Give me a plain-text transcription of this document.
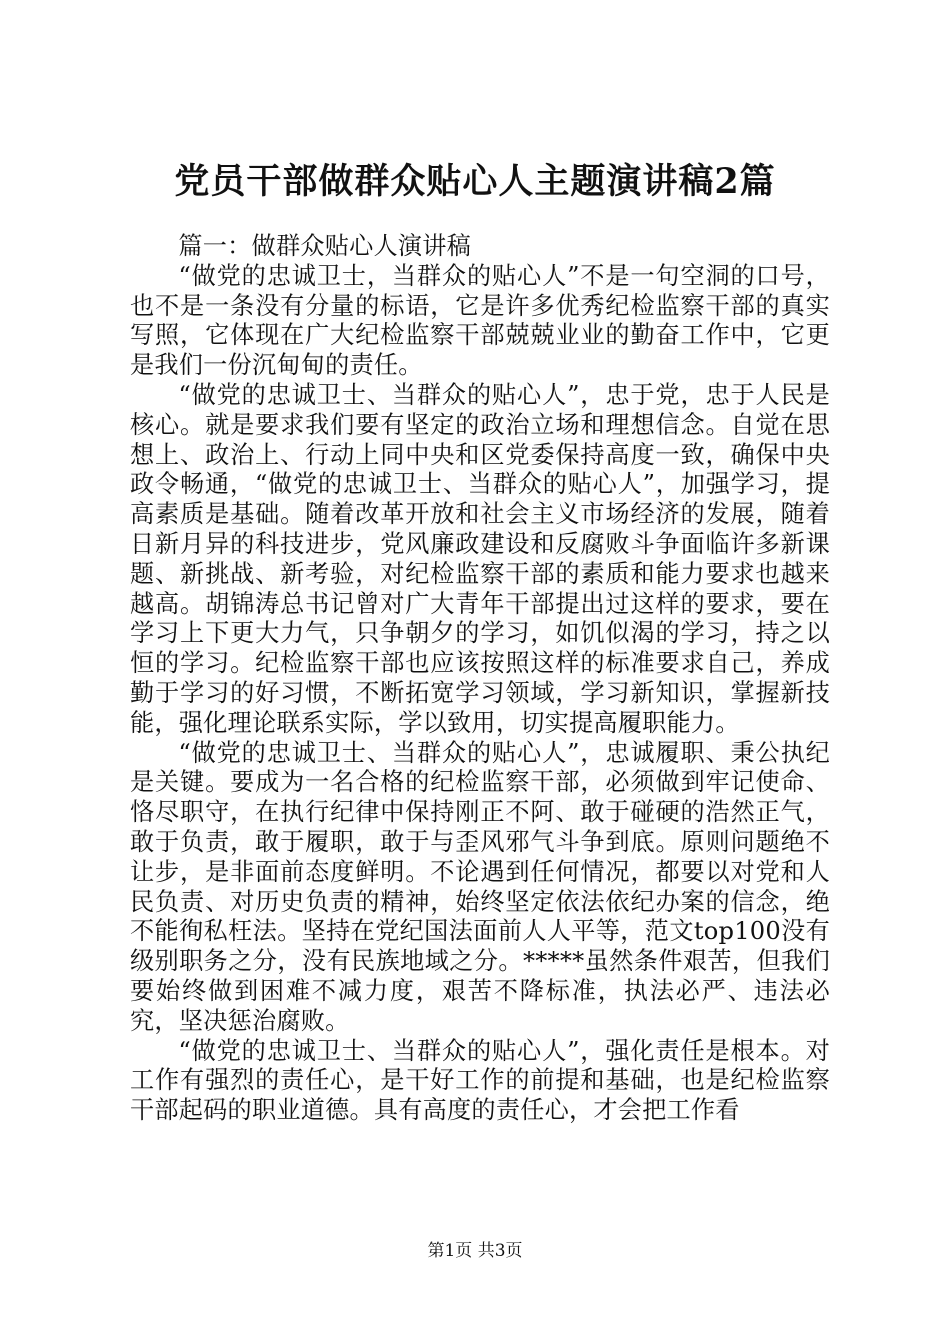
党员干部做群众贴心人主题演讲稿2篇

篇一：做群众贴心人演讲稿

“做党的忠诚卫士，当群众的贴心人”不是一句空洞的口号，也不是一条没有分量的标语，它是许多优秀纪检监察干部的真实写照，它体现在广大纪检监察干部兢兢业业的勤奋工作中，它更是我们一份沉甸甸的责任。

“做党的忠诚卫士、当群众的贴心人”，忠于党，忠于人民是核心。就是要求我们要有坚定的政治立场和理想信念。自觉在思想上、政治上、行动上同中央和区党委保持高度一致，确保中央政令畅通，“做党的忠诚卫士、当群众的贴心人”，加强学习，提高素质是基础。随着改革开放和社会主义市场经济的发展，随着日新月异的科技进步，党风廉政建设和反腐败斗争面临许多新课题、新挑战、新考验，对纪检监察干部的素质和能力要求也越来越高。胡锦涛总书记曾对广大青年干部提出过这样的要求，要在学习上下更大力气，只争朝夕的学习，如饥似渴的学习，持之以恒的学习。纪检监察干部也应该按照这样的标准要求自己，养成勤于学习的好习惯，不断拓宽学习领域，学习新知识，掌握新技能，强化理论联系实际，学以致用，切实提高履职能力。

“做党的忠诚卫士、当群众的贴心人”，忠诚履职、秉公执纪是关键。要成为一名合格的纪检监察干部，必须做到牢记使命、恪尽职守，在执行纪律中保持刚正不阿、敢于碰硬的浩然正气，敢于负责，敢于履职，敢于与歪风邪气斗争到底。原则问题绝不让步，是非面前态度鲜明。不论遇到任何情况，都要以对党和人民负责、对历史负责的精神，始终坚定依法依纪办案的信念，绝不能徇私枉法。坚持在党纪国法面前人人平等，范文top100没有级别职务之分，没有民族地域之分。*****虽然条件艰苦，但我们要始终做到困难不减力度，艰苦不降标准，执法必严、违法必究，坚决惩治腐败。

“做党的忠诚卫士、当群众的贴心人”，强化责任是根本。对工作有强烈的责任心，是干好工作的前提和基础，也是纪检监察干部起码的职业道德。具有高度的责任心，才会把工作看

第1页 共3页
